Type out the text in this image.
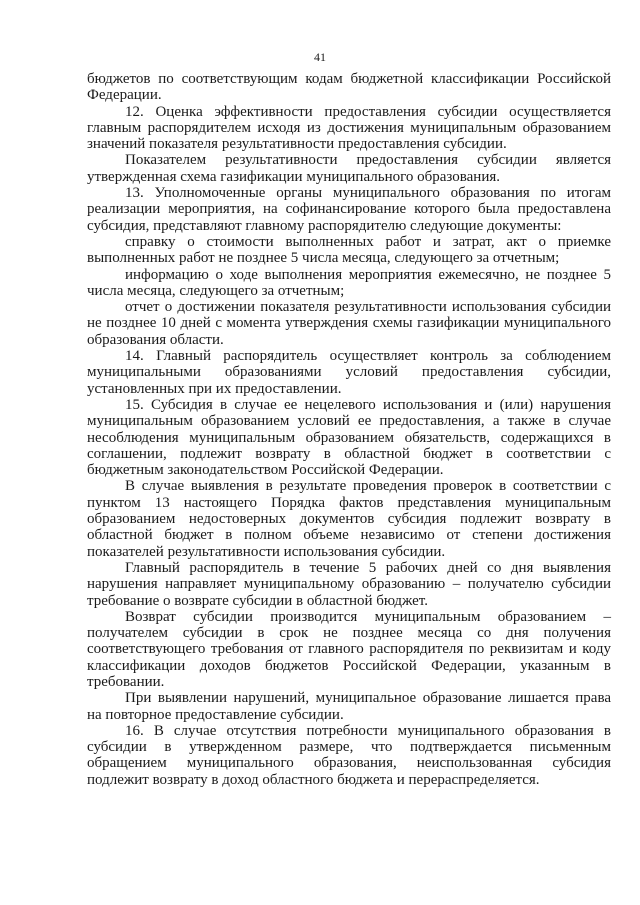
41

бюджетов по соответствующим кодам бюджетной классификации Российской Федерации.

12. Оценка эффективности предоставления субсидии осуществляется главным распорядителем исходя из достижения муниципальным образованием значений показателя результативности предоставления субсидии.

Показателем результативности предоставления субсидии является утвержденная схема газификации муниципального образования.

13. Уполномоченные органы муниципального образования по итогам реализации мероприятия, на софинансирование которого была предоставлена субсидия, представляют главному распорядителю следующие документы:

справку о стоимости выполненных работ и затрат, акт о приемке выполненных работ не позднее 5 числа месяца, следующего за отчетным;

информацию о ходе выполнения мероприятия ежемесячно, не позднее 5 числа месяца, следующего за отчетным;

отчет о достижении показателя результативности использования субсидии не позднее 10 дней с момента утверждения схемы газификации муниципального образования области.

14. Главный распорядитель осуществляет контроль за соблюдением муниципальными образованиями условий предоставления субсидии, установленных при их предоставлении.

15. Субсидия в случае ее нецелевого использования и (или) нарушения муниципальным образованием условий ее предоставления, а также в случае несоблюдения муниципальным образованием обязательств, содержащихся в соглашении, подлежит возврату в областной бюджет в соответствии с бюджетным законодательством Российской Федерации.

В случае выявления в результате проведения проверок в соответствии с пунктом 13 настоящего Порядка фактов представления муниципальным образованием недостоверных документов субсидия подлежит возврату в областной бюджет в полном объеме независимо от степени достижения показателей результативности использования субсидии.

Главный распорядитель в течение 5 рабочих дней со дня выявления нарушения направляет муниципальному образованию – получателю субсидии требование о возврате субсидии в областной бюджет.

Возврат субсидии производится муниципальным образованием – получателем субсидии в срок не позднее месяца со дня получения соответствующего требования от главного распорядителя по реквизитам и коду классификации доходов бюджетов Российской Федерации, указанным в требовании.

При выявлении нарушений, муниципальное образование лишается права на повторное предоставление субсидии.

16. В случае отсутствия потребности муниципального образования в субсидии в утвержденном размере, что подтверждается письменным обращением муниципального образования, неиспользованная субсидия подлежит возврату в доход областного бюджета и перераспределяется.
